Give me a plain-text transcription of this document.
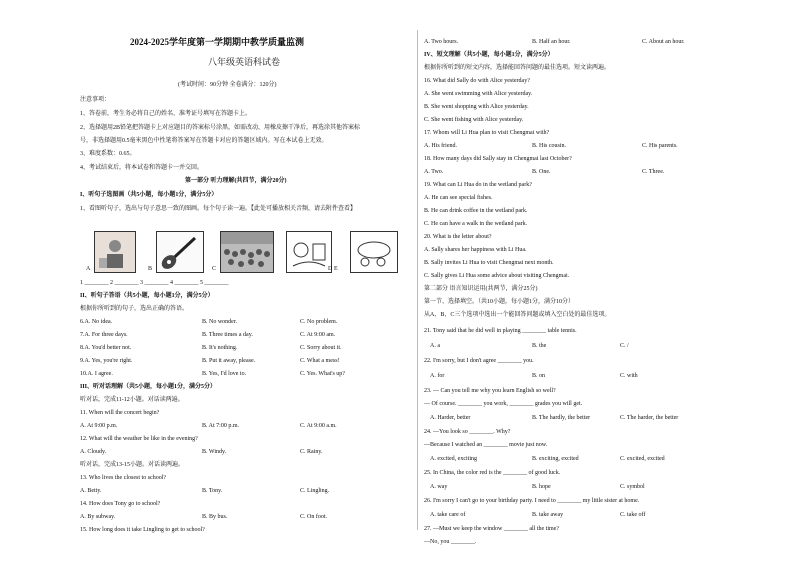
2024-2025学年度第一学期期中教学质量监测
八年级英语科试卷
(考试时间：90分钟 全卷满分：120分)
注意事项：
1、答卷前，考生务必将自己的姓名、准考证号填写在答题卡上。
2、选择题用2B铅笔把答题卡上对应题目的答案标号涂黑，如需改动，用橡皮擦干净后，再选涂其他答案标
号，非选择题用0.5毫米黑色中性笔将答案写在答题卡对应的答题区域内。写在本试卷上无效。
3、难度系数：0.65。
4、考试结束后，将本试卷和答题卡一并交回。
第一部分 听力理解(共四节，满分20分)
I、听句子选图画（共5小题，每小题1分，满分5分）
1、看图听句子，选出与句子意思一致的图画。每个句子读一遍。【此处可播放相关音频，请去附件查看】
A	B	C	D E
1 ________ 2 ________ 3 ________ 4 ________ 5 ________
II、听句子答语（共5小题，每小题1分，满分5分）
根据你所听到的句子，选出正确的答语。
6.A. No idea.	B. No wonder.	C. No problem.
7.A. For three days.	B. Three times a day.	C. At 9:00 am.
8.A. You'd better not.	B. It's nothing.	C. Sorry about it.
9.A. Yes, you're right.	B. Put it away, please.	C. What a mess!
10.A. I agree.	B. Yes, I'd love to.	C. Yes. What's up?
III、听对话理解（共5小题，每小题1分，满分5分）
听对话，完成11-12小题。对话读两遍。
11. When will the concert begin?
A. At 9:00 p.m.	B. At 7:00 p.m.	C. At 9:00 a.m.
12. What will the weather be like in the evening?
A. Cloudy.	B. Windy.	C. Rainy.
听对话，完成13-15小题。对话读两遍。
13. Who lives the closest to school?
A. Betty.	B. Tony.	C. Lingling.
14. How does Tony go to school?
A. By subway.	B. By bus.	C. On foot.
15. How long does it take Lingling to get to school?
A. Two hours.	B. Half an hour.	C. About an hour.
IV、短文理解（共5小题，每小题1分，满分5分）
根据你所听到的短文内容，选择能回答问题的最佳选项。短文读两遍。
16. What did Sally do with Alice yesterday?
A. She went swimming with Alice yesterday.
B. She went shopping with Alice yesterday.
C. She went fishing with Alice yesterday.
17. Whom will Li Hua plan to visit Chengmai with?
A. His friend.	B. His cousin.	C. His parents.
18. How many days did Sally stay in Chengmai last October?
A. Two.	B. One.	C. Three.
19. What can Li Hua do in the wetland park?
A. He can see special fishes.
B. He can drink coffee in the wetland park.
C. He can have a walk in the wetland park.
20. What is the letter about?
A. Sally shares her happiness with Li Hua.
B. Sally invites Li Hua to visit Chengmai next month.
C. Sally gives Li Hua some advice about visiting Chengmai.
第二部分 语言知识运用(共两节，满分25分)
第一节、选择填空。（共10小题，每小题1分，满分10分）
从A、B、C三个选项中选出一个能回答问题或填入空白处的最佳选项。
21. Tony said that he did well in playing ________ table tennis.
A. a	B. the	C. /
22. I'm sorry, but I don't agree ________ you.
A. for	B. on	C. with
23. — Can you tell me why you learn English so well?
— Of course. ________ you work, ________ grades you will get.
A. Harder, better	B. The hardly, the better	C. The harder, the better
24. —You look so ________. Why?
—Because I watched an ________ movie just now.
A. excited, exciting	B. exciting, excited	C. excited, excited
25. In China, the color red is the ________ of good luck.
A. way	B. hope	C. symbol
26. I'm sorry I can't go to your birthday party. I need to ________ my little sister at home.
A. take care of	B. take away	C. take off
27. —Must we keep the window ________ all the time?
—No, you ________.
